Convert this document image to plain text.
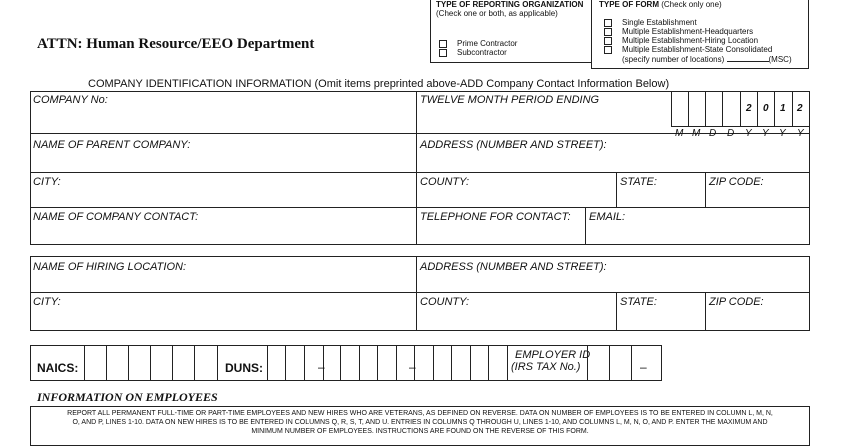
ATTN: Human Resource/EEO Department
TYPE OF REPORTING ORGANIZATION
(Check one or both, as applicable)
Prime Contractor
Subcontractor
TYPE OF FORM (Check only one)
Single Establishment
Multiple Establishment-Headquarters
Multiple Establishment-Hiring Location
Multiple Establishment-State Consolidated
(specify number of locations)	(MSC)
COMPANY IDENTIFICATION INFORMATION (Omit items preprinted above-ADD Company Contact Information Below)
COMPANY No:	TWELVE MONTH PERIOD ENDING
2 0 1 2
M M D D Y Y Y Y
NAME OF PARENT COMPANY:	ADDRESS (NUMBER AND STREET):
CITY:	COUNTY:	STATE:	ZIP CODE:
NAME OF COMPANY CONTACT:	TELEPHONE FOR CONTACT:	EMAIL:
NAME OF HIRING LOCATION:	ADDRESS (NUMBER AND STREET):
CITY:	COUNTY:	STATE:	ZIP CODE:
NAICS:	DUNS:	–	–
EMPLOYER ID
(IRS TAX No.)	–
INFORMATION ON EMPLOYEES
REPORT ALL PERMANENT FULL-TIME OR PART-TIME EMPLOYEES AND NEW HIRES WHO ARE VETERANS, AS DEFINED ON REVERSE. DATA ON NUMBER OF EMPLOYEES IS TO BE ENTERED IN COLUMN L, M, N,
O, AND P, LINES 1-10. DATA ON NEW HIRES IS TO BE ENTERED IN COLUMNS Q, R, S, T, AND U. ENTRIES IN COLUMNS Q THROUGH U, LINES 1-10, AND COLUMNS L, M, N, O, AND P. ENTER THE MAXIMUM AND
MINIMUM NUMBER OF EMPLOYEES. INSTRUCTIONS ARE FOUND ON THE REVERSE OF THIS FORM.
